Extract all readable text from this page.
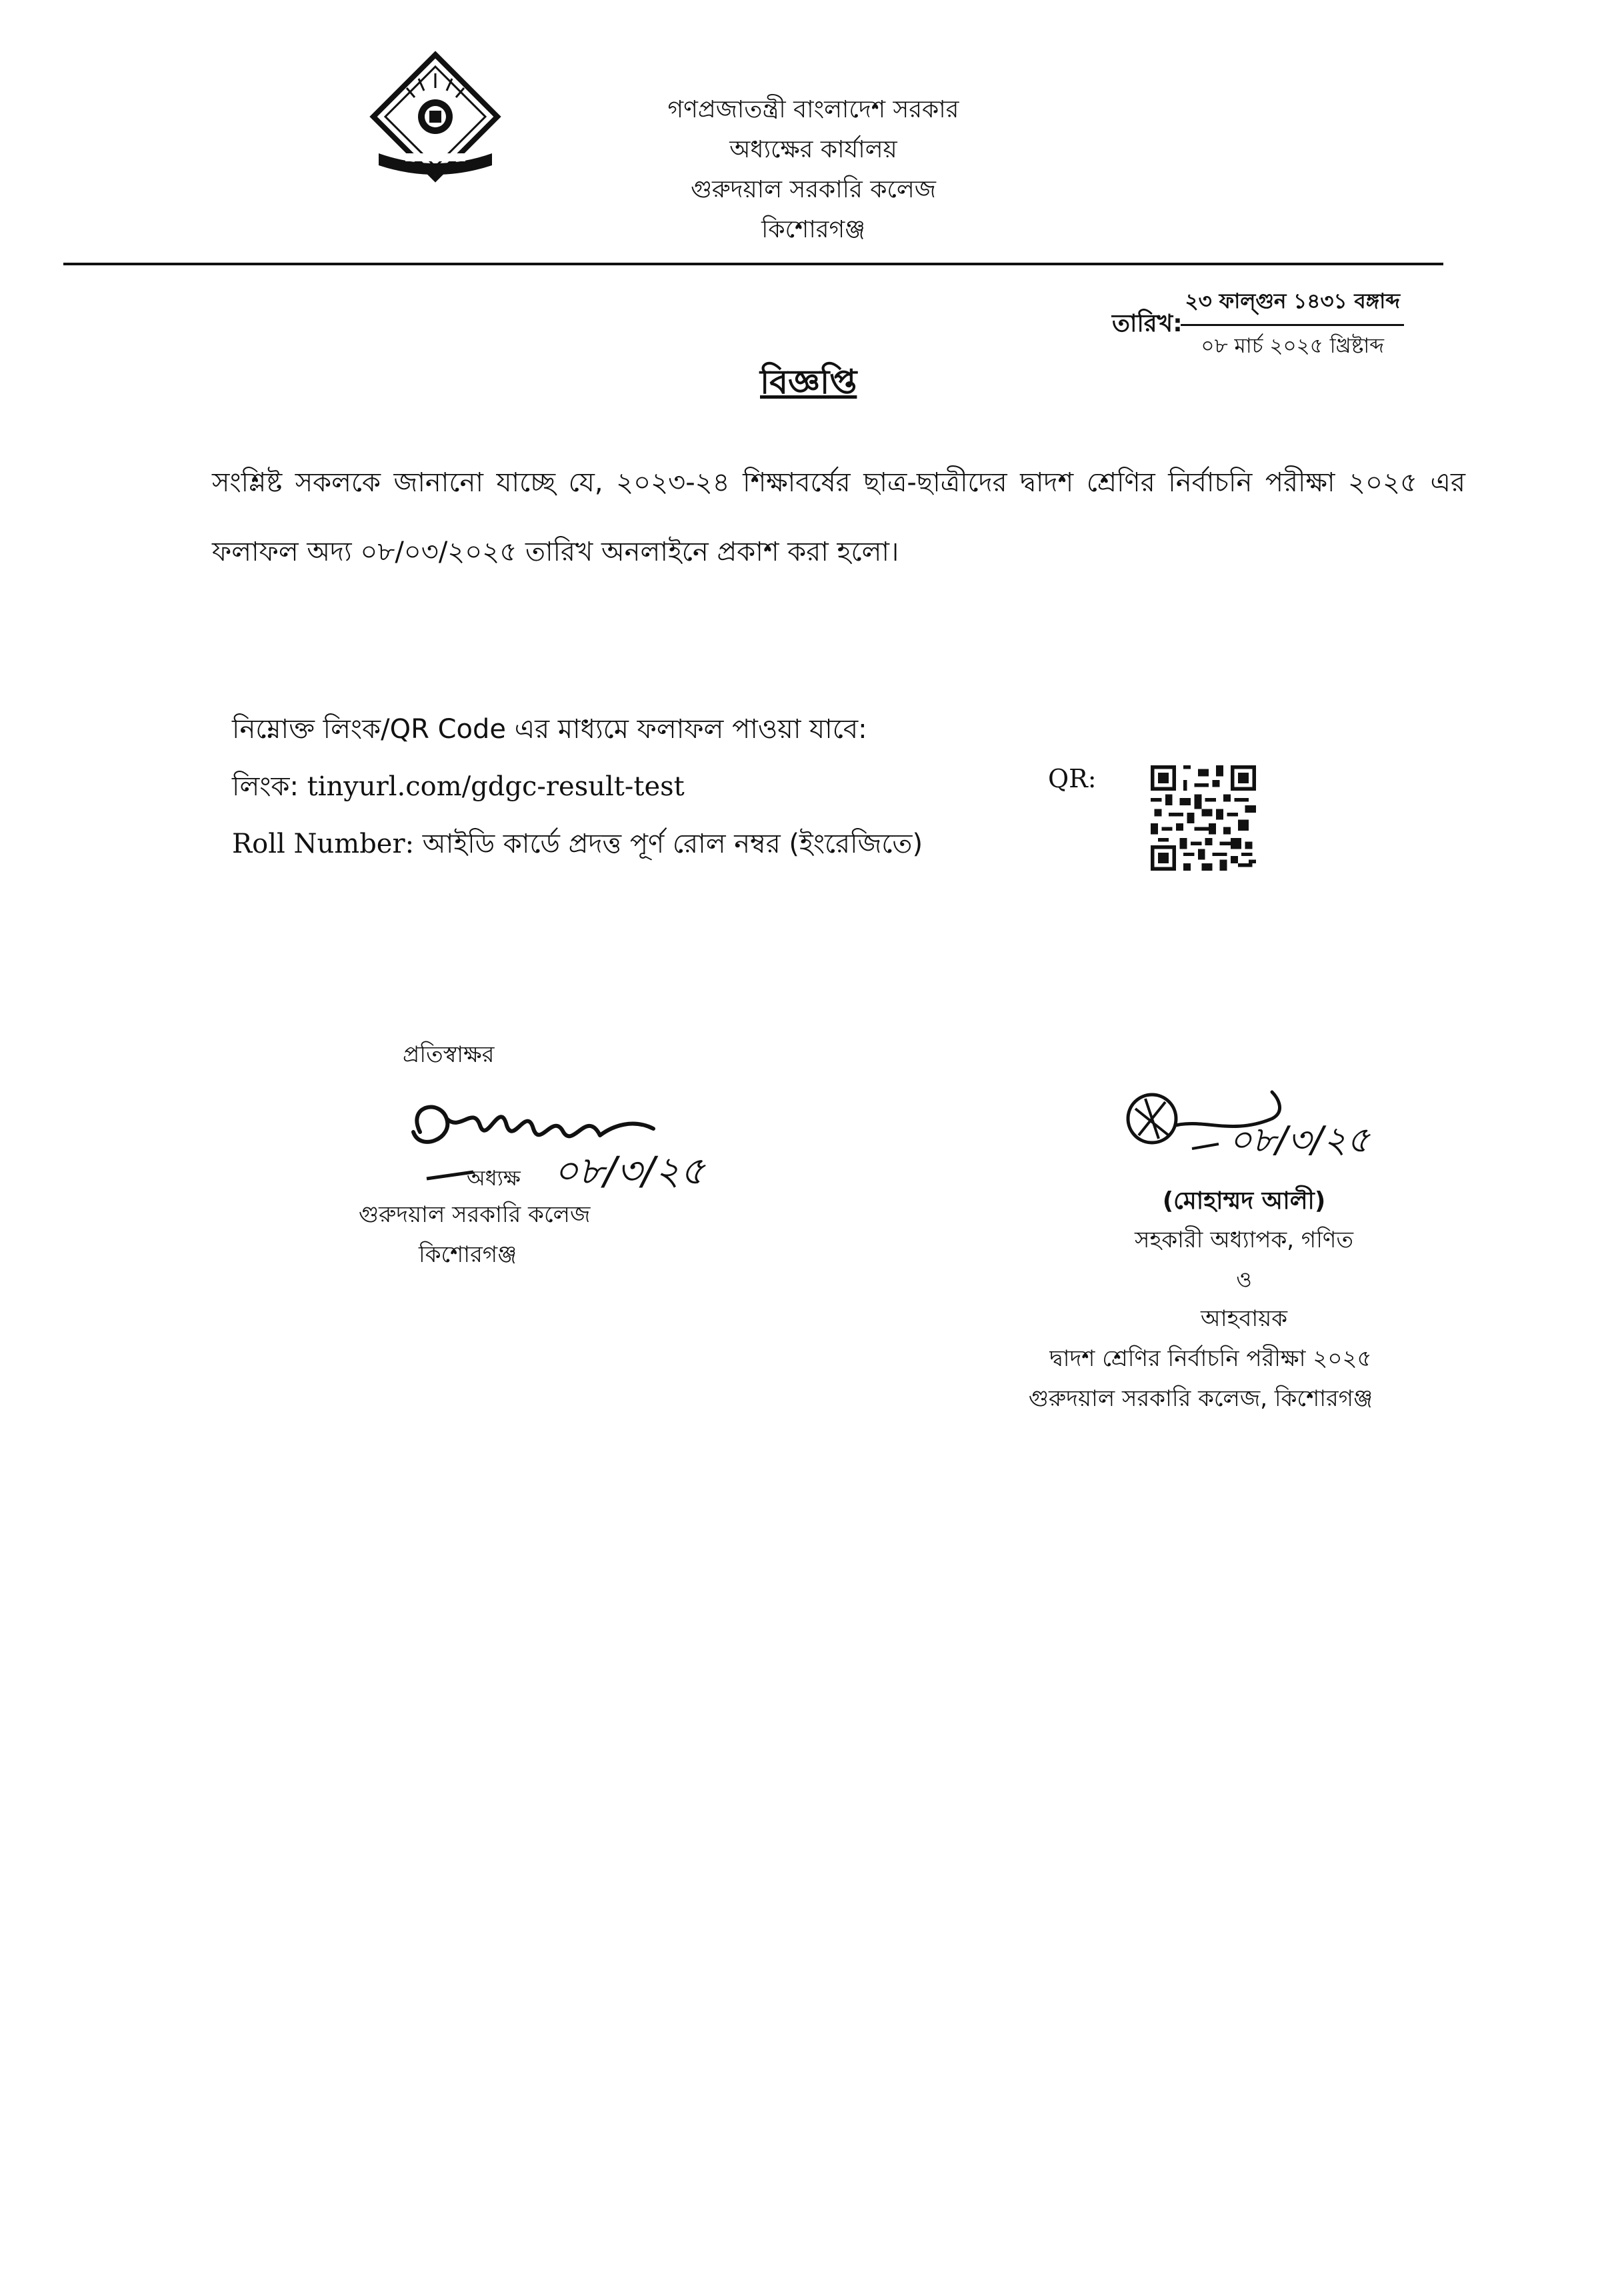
গণপ্রজাতন্ত্রী বাংলাদেশ সরকার
অধ্যক্ষের কার্যালয়
গুরুদয়াল সরকারি কলেজ
কিশোরগঞ্জ
তারিখ:
২৩ ফাল্গুন ১৪৩১ বঙ্গাব্দ
০৮ মার্চ ২০২৫ খ্রিষ্টাব্দ
বিজ্ঞপ্তি
সংশ্লিষ্ট সকলকে জানানো যাচ্ছে যে, ২০২৩-২৪ শিক্ষাবর্ষের ছাত্র-ছাত্রীদের দ্বাদশ শ্রেণির নির্বাচনি পরীক্ষা ২০২৫ এর ফলাফল অদ্য ০৮/০৩/২০২৫ তারিখ অনলাইনে প্রকাশ করা হলো।
নিম্নোক্ত লিংক/QR Code এর মাধ্যমে ফলাফল পাওয়া যাবে:
লিংক: tinyurl.com/gdgc-result-test
Roll Number: আইডি কার্ডে প্রদত্ত পূর্ণ রোল নম্বর (ইংরেজিতে)
QR:
প্রতিস্বাক্ষর
০৮/৩/২৫
অধ্যক্ষ
গুরুদয়াল সরকারি কলেজ
কিশোরগঞ্জ
০৮/৩/২৫
(মোহাম্মদ আলী)
সহকারী অধ্যাপক, গণিত
ও
আহবায়ক
দ্বাদশ শ্রেণির নির্বাচনি পরীক্ষা ২০২৫
গুরুদয়াল সরকারি কলেজ, কিশোরগঞ্জ
